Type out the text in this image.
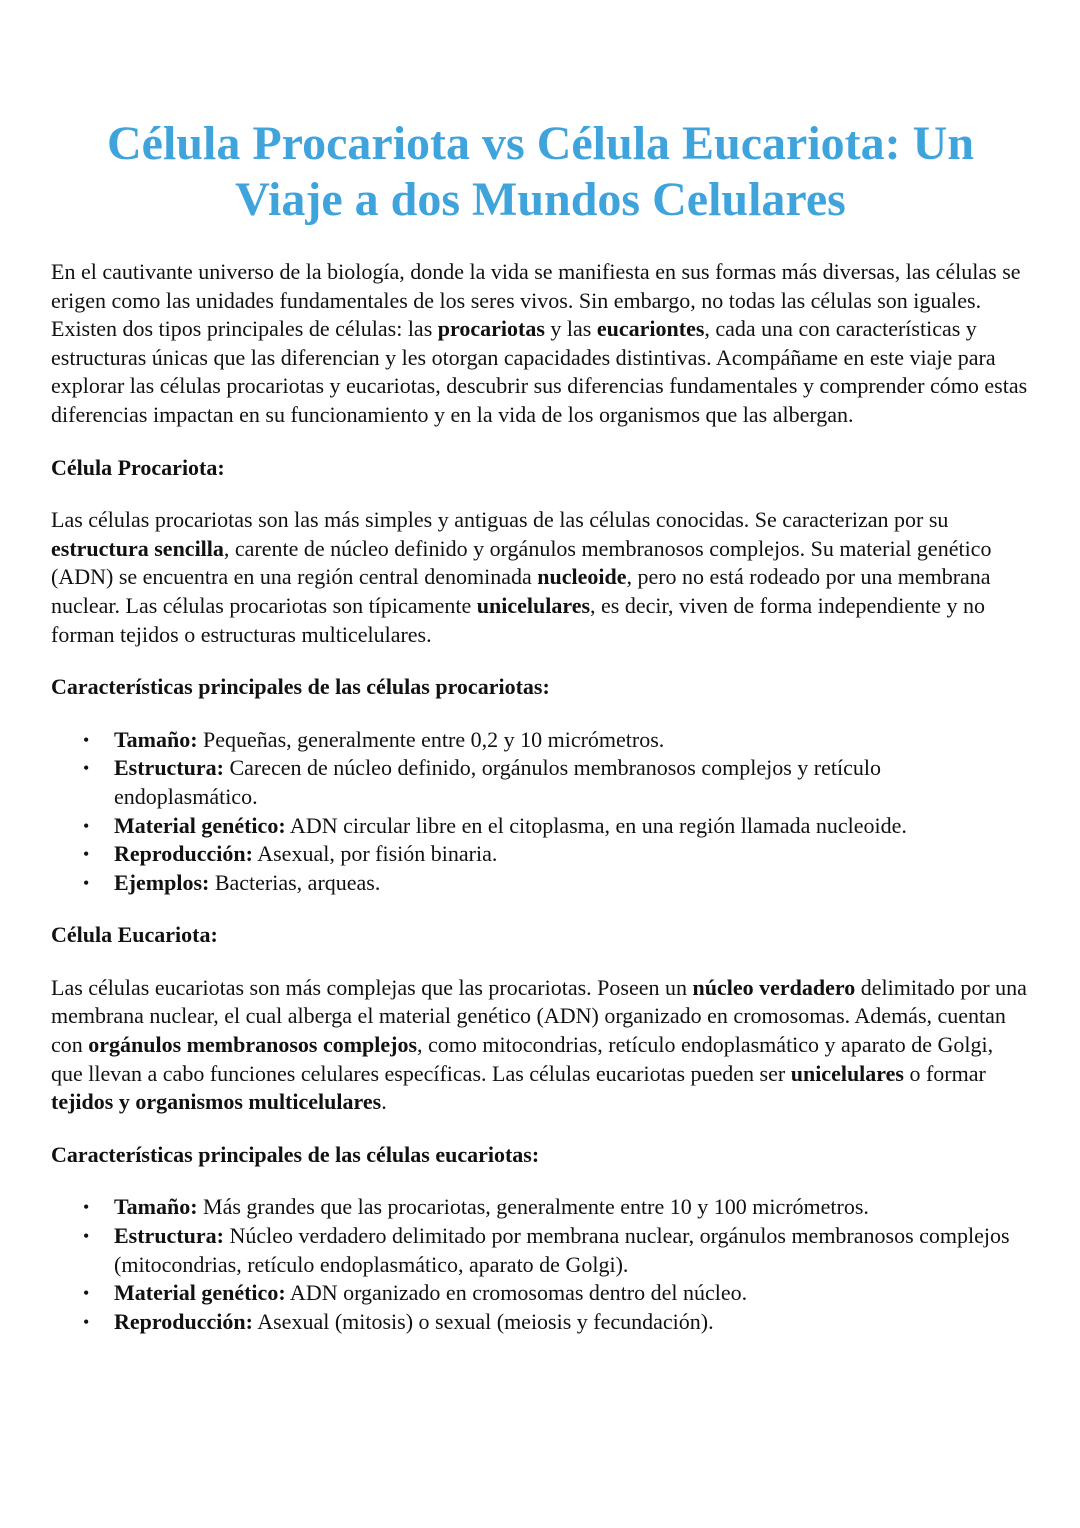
Célula Procariota vs Célula Eucariota: Un Viaje a dos Mundos Celulares

En el cautivante universo de la biología, donde la vida se manifiesta en sus formas más diversas, las células se erigen como las unidades fundamentales de los seres vivos. Sin embargo, no todas las células son iguales. Existen dos tipos principales de células: las procariotas y las eucariontes, cada una con características y estructuras únicas que las diferencian y les otorgan capacidades distintivas. Acompáñame en este viaje para explorar las células procariotas y eucariotas, descubrir sus diferencias fundamentales y comprender cómo estas diferencias impactan en su funcionamiento y en la vida de los organismos que las albergan.

Célula Procariota:

Las células procariotas son las más simples y antiguas de las células conocidas. Se caracterizan por su estructura sencilla, carente de núcleo definido y orgánulos membranosos complejos. Su material genético (ADN) se encuentra en una región central denominada nucleoide, pero no está rodeado por una membrana nuclear. Las células procariotas son típicamente unicelulares, es decir, viven de forma independiente y no forman tejidos o estructuras multicelulares.

Características principales de las células procariotas:
• Tamaño: Pequeñas, generalmente entre 0,2 y 10 micrómetros.
• Estructura: Carecen de núcleo definido, orgánulos membranosos complejos y retículo endoplasmático.
• Material genético: ADN circular libre en el citoplasma, en una región llamada nucleoide.
• Reproducción: Asexual, por fisión binaria.
• Ejemplos: Bacterias, arqueas.
Célula Eucariota:

Las células eucariotas son más complejas que las procariotas. Poseen un núcleo verdadero delimitado por una membrana nuclear, el cual alberga el material genético (ADN) organizado en cromosomas. Además, cuentan con orgánulos membranosos complejos, como mitocondrias, retículo endoplasmático y aparato de Golgi, que llevan a cabo funciones celulares específicas. Las células eucariotas pueden ser unicelulares o formar tejidos y organismos multicelulares.

Características principales de las células eucariotas:
• Tamaño: Más grandes que las procariotas, generalmente entre 10 y 100 micrómetros.
• Estructura: Núcleo verdadero delimitado por membrana nuclear, orgánulos membranosos complejos (mitocondrias, retículo endoplasmático, aparato de Golgi).
• Material genético: ADN organizado en cromosomas dentro del núcleo.
• Reproducción: Asexual (mitosis) o sexual (meiosis y fecundación).
